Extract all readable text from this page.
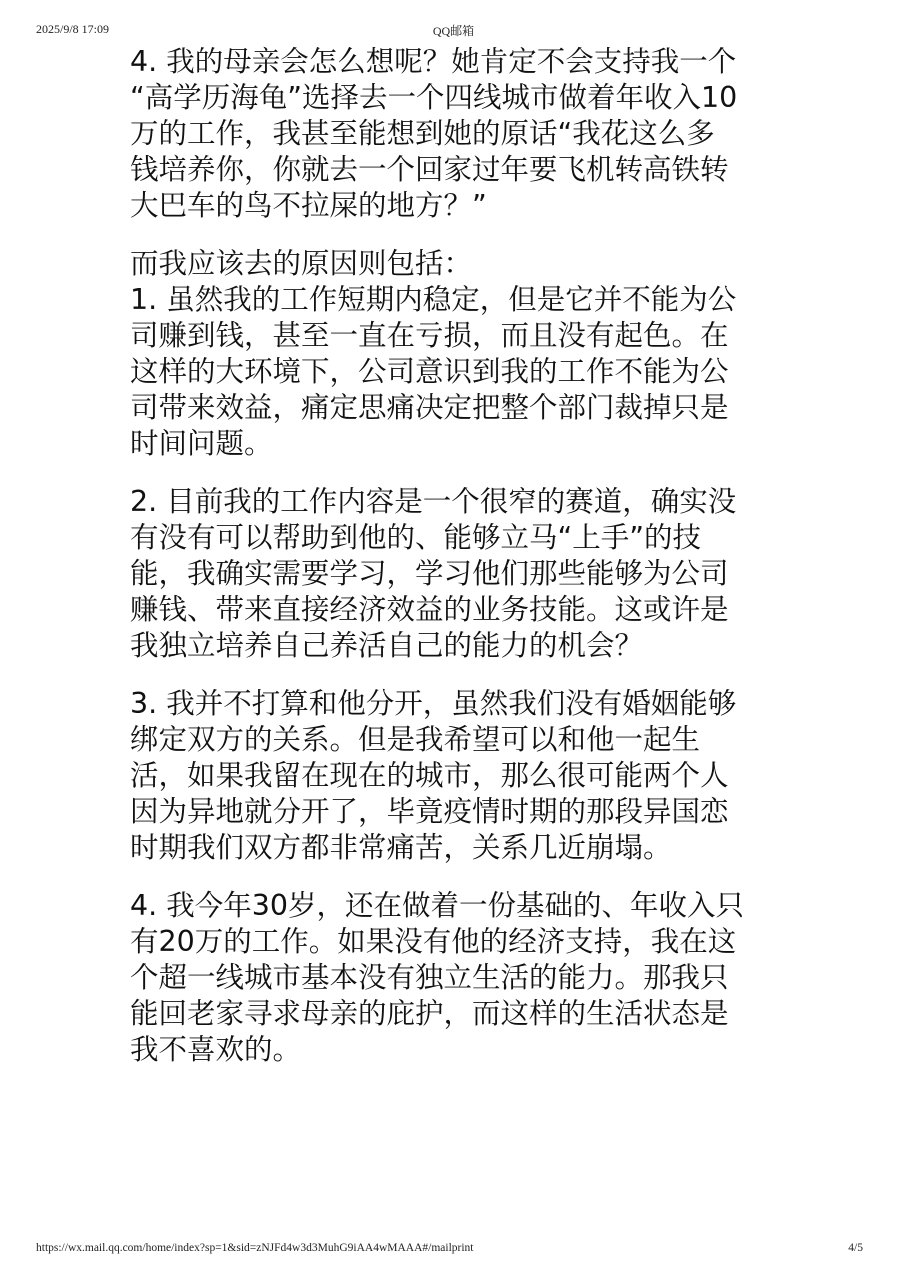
2025/9/8 17:09	QQ邮箱

4. 我的母亲会怎么想呢？她肯定不会支持我一个
“高学历海龟”选择去一个四线城市做着年收入10
万的工作，我甚至能想到她的原话“我花这么多
钱培养你，你就去一个回家过年要飞机转高铁转
大巴车的鸟不拉屎的地方？”

而我应该去的原因则包括：
1. 虽然我的工作短期内稳定，但是它并不能为公
司赚到钱，甚至一直在亏损，而且没有起色。在
这样的大环境下，公司意识到我的工作不能为公
司带来效益，痛定思痛决定把整个部门裁掉只是
时间问题。

2. 目前我的工作内容是一个很窄的赛道，确实没
有没有可以帮助到他的、能够立马“上手”的技
能，我确实需要学习，学习他们那些能够为公司
赚钱、带来直接经济效益的业务技能。这或许是
我独立培养自己养活自己的能力的机会？

3. 我并不打算和他分开，虽然我们没有婚姻能够
绑定双方的关系。但是我希望可以和他一起生
活，如果我留在现在的城市，那么很可能两个人
因为异地就分开了，毕竟疫情时期的那段异国恋
时期我们双方都非常痛苦，关系几近崩塌。

4. 我今年30岁，还在做着一份基础的、年收入只
有20万的工作。如果没有他的经济支持，我在这
个超一线城市基本没有独立生活的能力。那我只
能回老家寻求母亲的庇护，而这样的生活状态是
我不喜欢的。

https://wx.mail.qq.com/home/index?sp=1&sid=zNJFd4w3d3MuhG9iAA4wMAAA#/mailprint	4/5
